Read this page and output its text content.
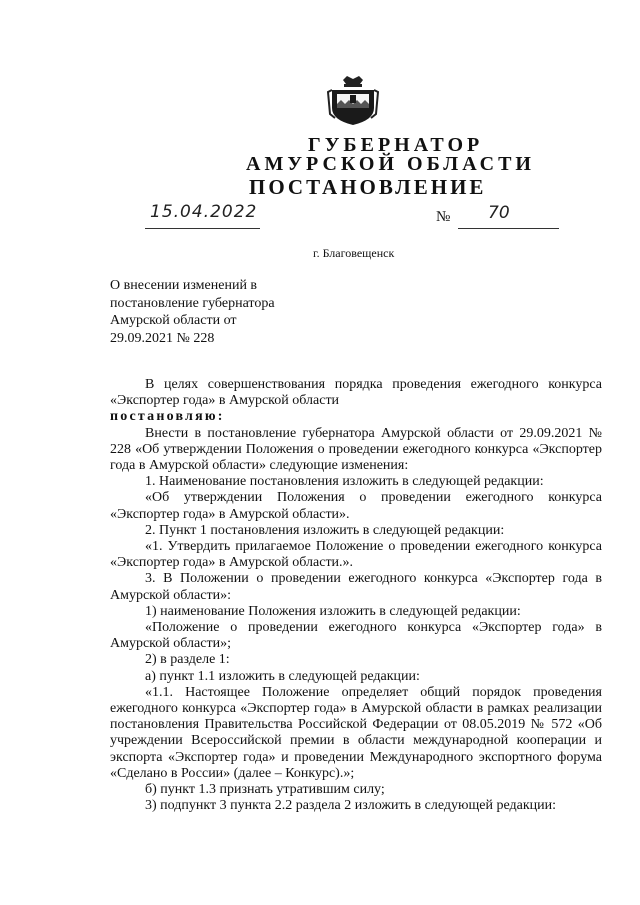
ГУБЕРНАТОР
АМУРСКОЙ ОБЛАСТИ
ПОСТАНОВЛЕНИЕ
15.04.2022	№ 70
г. Благовещенск
О внесении изменений в
постановление губернатора
Амурской области от
29.09.2021 № 228

В целях совершенствования порядка проведения ежегодного конкурса «Экспортер года» в Амурской области

постановляю:

Внести в постановление губернатора Амурской области от 29.09.2021 № 228 «Об утверждении Положения о проведении ежегодного конкурса «Экспортер года в Амурской области» следующие изменения:

1. Наименование постановления изложить в следующей редакции:

«Об утверждении Положения о проведении ежегодного конкурса «Экспортер года» в Амурской области».

2. Пункт 1 постановления изложить в следующей редакции:

«1. Утвердить прилагаемое Положение о проведении ежегодного конкурса «Экспортер года» в Амурской области.».

3. В Положении о проведении ежегодного конкурса «Экспортер года в Амурской области»:

1) наименование Положения изложить в следующей редакции:

«Положение о проведении ежегодного конкурса «Экспортер года» в Амурской области»;

2) в разделе 1:

а) пункт 1.1 изложить в следующей редакции:

«1.1. Настоящее Положение определяет общий порядок проведения ежегодного конкурса «Экспортер года» в Амурской области в рамках реализации постановления Правительства Российской Федерации от 08.05.2019 № 572 «Об учреждении Всероссийской премии в области международной кооперации и экспорта «Экспортер года» и проведении Международного экспортного форума «Сделано в России» (далее – Конкурс).»;

б) пункт 1.3 признать утратившим силу;

3) подпункт 3 пункта 2.2 раздела 2 изложить в следующей редакции:
